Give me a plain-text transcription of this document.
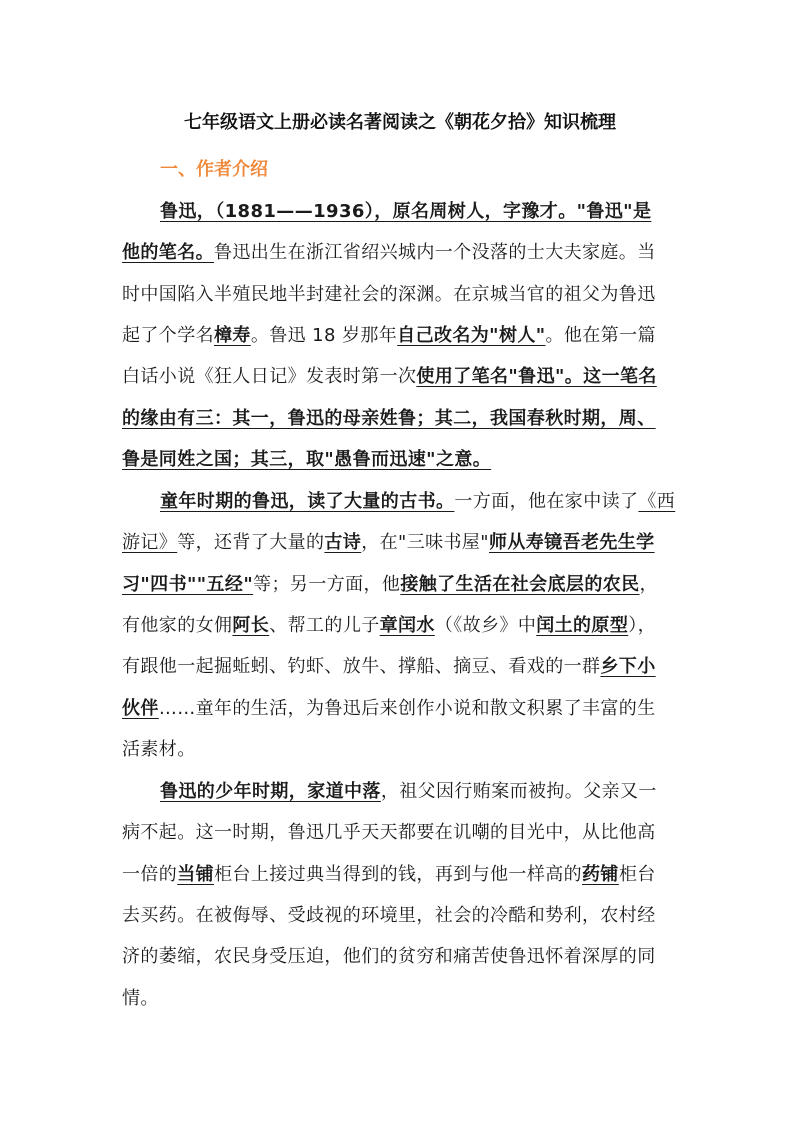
七年级语文上册必读名著阅读之《朝花夕拾》知识梳理
一、作者介绍
鲁迅，（1881——1936），原名周树人，字豫才。"鲁迅"是
他的笔名。鲁迅出生在浙江省绍兴城内一个没落的士大夫家庭。当
时中国陷入半殖民地半封建社会的深渊。在京城当官的祖父为鲁迅
起了个学名樟寿。鲁迅 18 岁那年自己改名为"树人"。他在第一篇
白话小说《狂人日记》发表时第一次使用了笔名"鲁迅"。这一笔名
的缘由有三：其一，鲁迅的母亲姓鲁；其二，我国春秋时期，周、
鲁是同姓之国；其三，取"愚鲁而迅速"之意。
童年时期的鲁迅，读了大量的古书。一方面，他在家中读了《西
游记》等，还背了大量的古诗，在"三味书屋"师从寿镜吾老先生学
习"四书""五经"等；另一方面，他接触了生活在社会底层的农民，
有他家的女佣阿长、帮工的儿子章闰水（《故乡》中闰土的原型），
有跟他一起掘蚯蚓、钓虾、放牛、撑船、摘豆、看戏的一群乡下小
伙伴……童年的生活，为鲁迅后来创作小说和散文积累了丰富的生
活素材。
鲁迅的少年时期，家道中落，祖父因行贿案而被拘。父亲又一
病不起。这一时期，鲁迅几乎天天都要在讥嘲的目光中，从比他高
一倍的当铺柜台上接过典当得到的钱，再到与他一样高的药铺柜台
去买药。在被侮辱、受歧视的环境里，社会的冷酷和势利，农村经
济的萎缩，农民身受压迫，他们的贫穷和痛苦使鲁迅怀着深厚的同
情。
